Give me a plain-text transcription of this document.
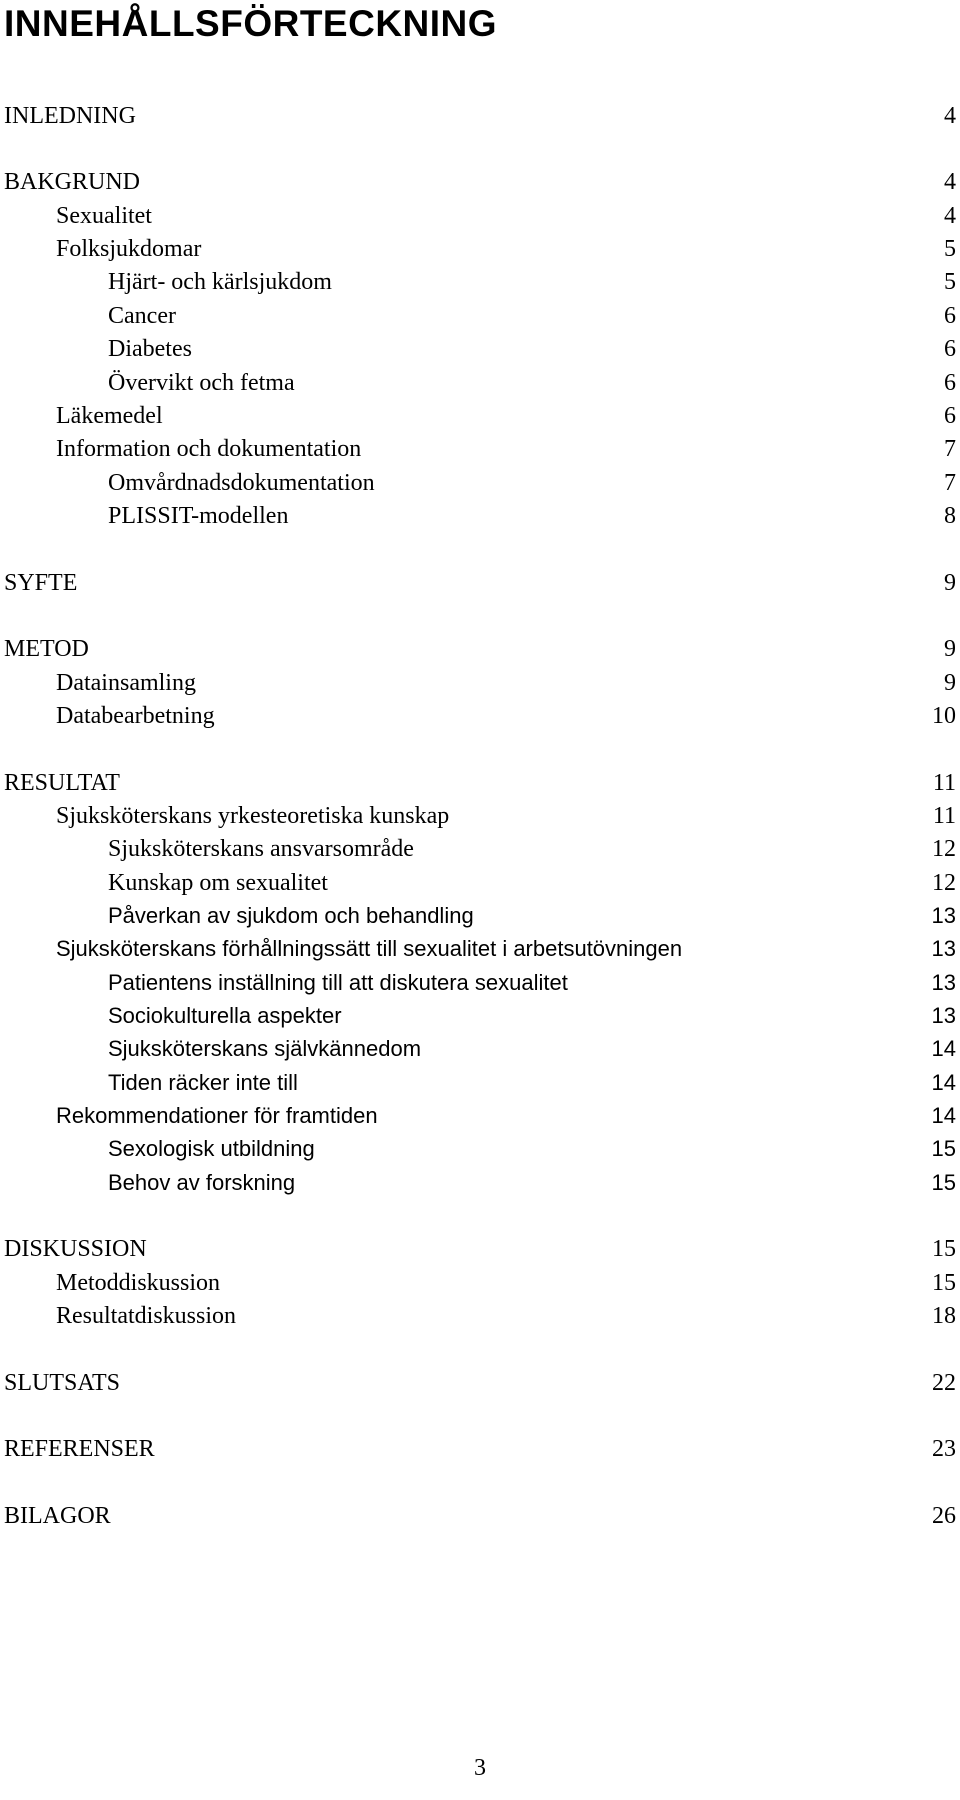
INNEHÅLLSFÖRTECKNING
INLEDNING	4
BAKGRUND	4
Sexualitet	4
Folksjukdomar	5
Hjärt- och kärlsjukdom	5
Cancer	6
Diabetes	6
Övervikt och fetma	6
Läkemedel	6
Information och dokumentation	7
Omvårdnadsdokumentation	7
PLISSIT-modellen	8
SYFTE	9
METOD	9
Datainsamling	9
Databearbetning	10
RESULTAT	11
Sjuksköterskans yrkesteoretiska kunskap	11
Sjuksköterskans ansvarsområde	12
Kunskap om sexualitet	12
Påverkan av sjukdom och behandling	13
Sjuksköterskans förhållningssätt till sexualitet i arbetsutövningen	13
Patientens inställning till att diskutera sexualitet	13
Sociokulturella aspekter	13
Sjuksköterskans självkännedom	14
Tiden räcker inte till	14
Rekommendationer för framtiden	14
Sexologisk utbildning	15
Behov av forskning	15
DISKUSSION	15
Metoddiskussion	15
Resultatdiskussion	18
SLUTSATS	22
REFERENSER	23
BILAGOR	26
3
